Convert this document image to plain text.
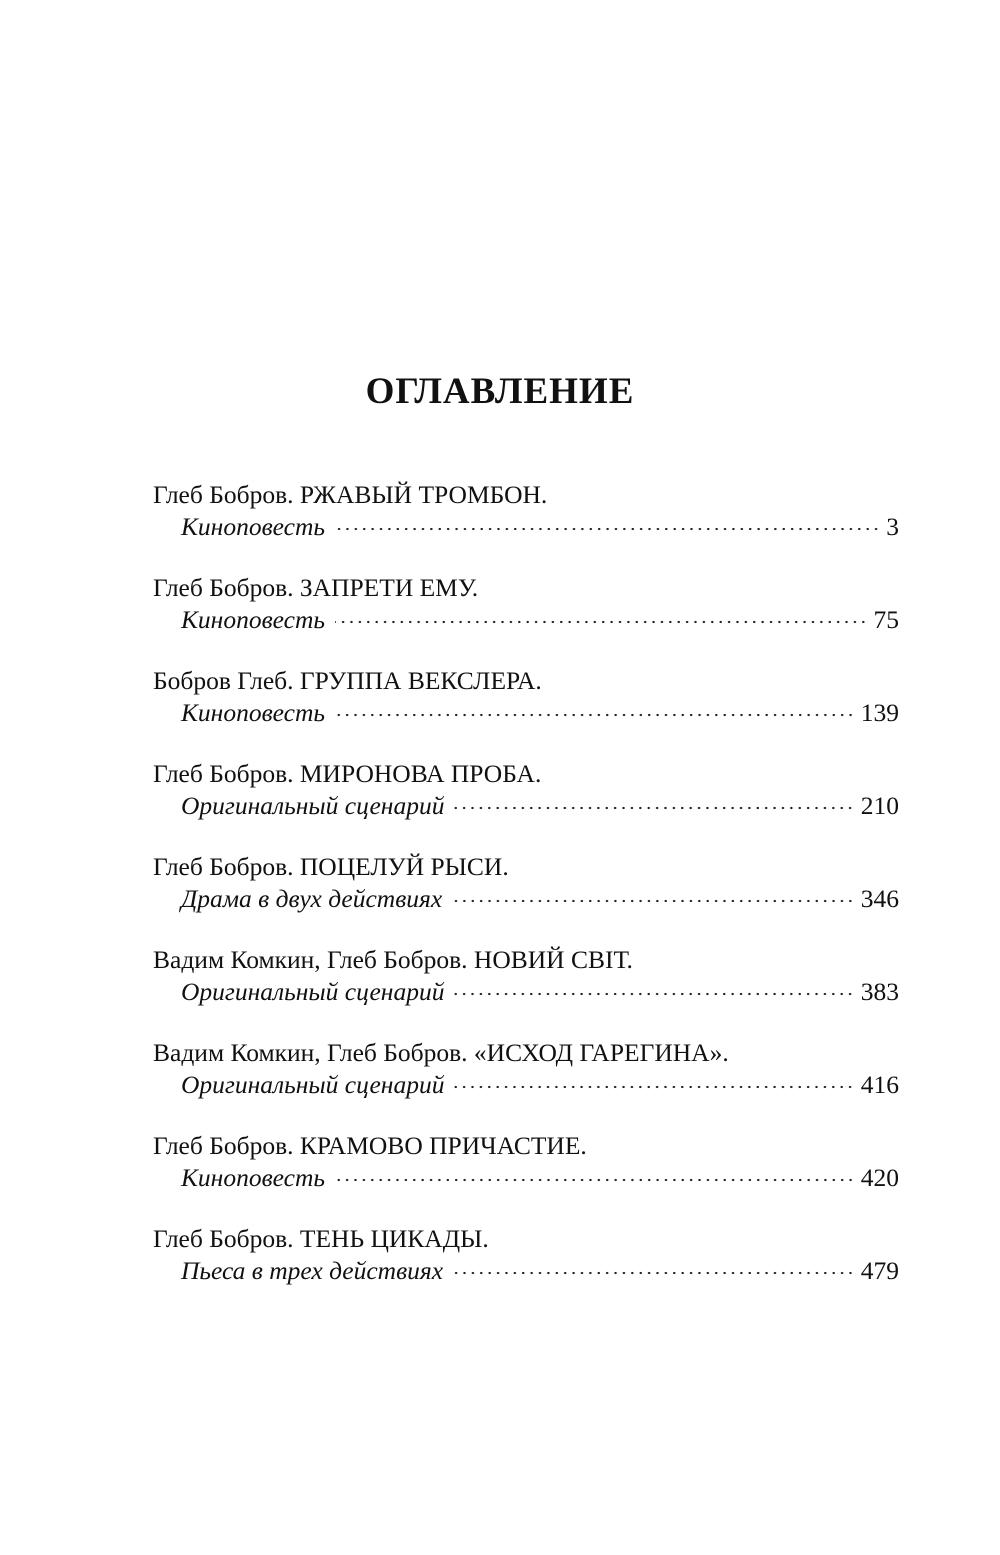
ОГЛАВЛЕНИЕ
Глеб Бобров. РЖАВЫЙ ТРОМБОН.
Киноповесть	3
Глеб Бобров. ЗАПРЕТИ ЕМУ.
Киноповесть	75
Бобров Глеб. ГРУППА ВЕКСЛЕРА.
Киноповесть	139
Глеб Бобров. МИРОНОВА ПРОБА.
Оригинальный сценарий	210
Глеб Бобров. ПОЦЕЛУЙ РЫСИ.
Драма в двух действиях	346
Вадим Комкин, Глеб Бобров. НОВИЙ СВІТ.
Оригинальный сценарий	383
Вадим Комкин, Глеб Бобров. «ИСХОД ГАРЕГИНА».
Оригинальный сценарий	416
Глеб Бобров. КРАМОВО ПРИЧАСТИЕ.
Киноповесть	420
Глеб Бобров. ТЕНЬ ЦИКАДЫ.
Пьеса в трех действиях	479
